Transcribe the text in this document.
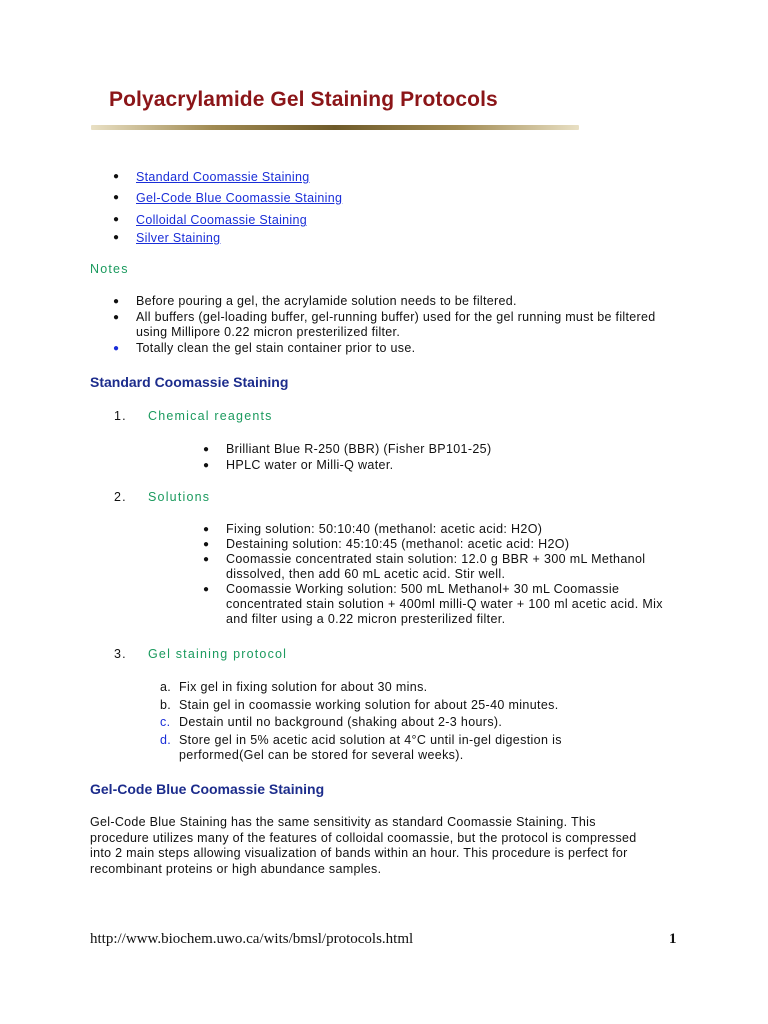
Polyacrylamide Gel Staining Protocols
● Standard Coomassie Staining
● Gel-Code Blue Coomassie Staining
● Colloidal Coomassie Staining
● Silver Staining
Notes
● Before pouring a gel, the acrylamide solution needs to be filtered.
● All buffers (gel-loading buffer, gel-running buffer) used for the gel running must be filtered using Millipore 0.22 micron presterilized filter.
● Totally clean the gel stain container prior to use.
Standard Coomassie Staining
1. Chemical reagents
● Brilliant Blue R-250 (BBR) (Fisher BP101-25)
● HPLC water or Milli-Q water.
2. Solutions
● Fixing solution: 50:10:40 (methanol: acetic acid: H2O)
● Destaining solution: 45:10:45 (methanol: acetic acid: H2O)
● Coomassie concentrated stain solution: 12.0 g BBR + 300 mL Methanol dissolved, then add 60 mL acetic acid. Stir well.
● Coomassie Working solution: 500 mL Methanol+ 30 mL Coomassie concentrated stain solution + 400ml milli-Q water + 100 ml acetic acid. Mix and filter using a 0.22 micron presterilized filter.
3. Gel staining protocol
a. Fix gel in fixing solution for about 30 mins.
b. Stain gel in coomassie working solution for about 25-40 minutes.
c. Destain until no background (shaking about 2-3 hours).
d. Store gel in 5% acetic acid solution at 4°C until in-gel digestion is performed(Gel can be stored for several weeks).
Gel-Code Blue Coomassie Staining
Gel-Code Blue Staining has the same sensitivity as standard Coomassie Staining. This procedure utilizes many of the features of colloidal coomassie, but the protocol is compressed into 2 main steps allowing visualization of bands within an hour. This procedure is perfect for recombinant proteins or high abundance samples.
http://www.biochem.uwo.ca/wits/bmsl/protocols.html	1
